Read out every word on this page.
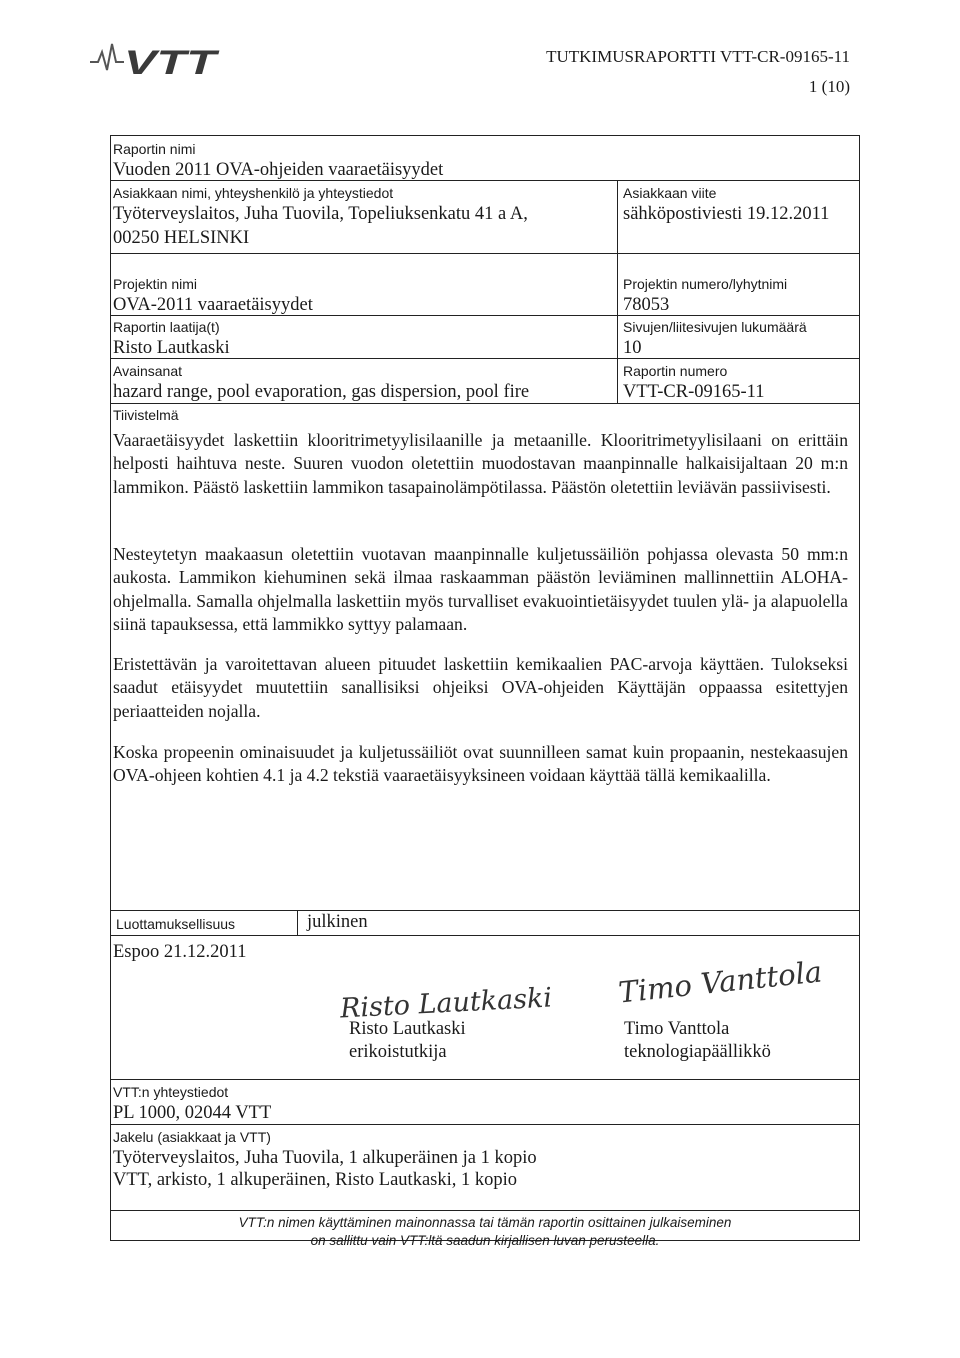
VTT	TUTKIMUSRAPORTTI VTT-CR-09165-11
1 (10)
Raportin nimi
Vuoden 2011 OVA-ohjeiden vaaraetäisyydet
Asiakkaan nimi, yhteyshenkilö ja yhteystiedot
Työterveyslaitos, Juha Tuovila, Topeliuksenkatu 41 a A,
00250 HELSINKI
Asiakkaan viite
sähköpostiviesti 19.12.2011
Projektin nimi
OVA-2011 vaaraetäisyydet
Projektin numero/lyhytnimi
78053
Raportin laatija(t)
Risto Lautkaski
Sivujen/liitesivujen lukumäärä
10
Avainsanat
hazard range, pool evaporation, gas dispersion, pool fire
Raportin numero
VTT-CR-09165-11
Tiivistelmä
Vaaraetäisyydet laskettiin klooritrimetyylisilaanille ja metaanille. Klooritrimetyylisilaani on erittäin helposti haihtuva neste. Suuren vuodon oletettiin muodostavan maanpinnalle halkaisijaltaan 20 m:n lammikon. Päästö laskettiin lammikon tasapainolämpötilassa. Päästön oletettiin leviävän passiivisesti.
Nesteytetyn maakaasun oletettiin vuotavan maanpinnalle kuljetussäiliön pohjassa olevasta 50 mm:n aukosta. Lammikon kiehuminen sekä ilmaa raskaamman päästön leviäminen mallinnettiin ALOHA-ohjelmalla. Samalla ohjelmalla laskettiin myös turvalliset evakuointietäisyydet tuulen ylä- ja alapuolella siinä tapauksessa, että lammikko syttyy palamaan.
Eristettävän ja varoitettavan alueen pituudet laskettiin kemikaalien PAC-arvoja käyttäen. Tulokseksi saadut etäisyydet muutettiin sanallisiksi ohjeiksi OVA-ohjeiden Käyttäjän oppaassa esitettyjen periaatteiden nojalla.
Koska propeenin ominaisuudet ja kuljetussäiliöt ovat suunnilleen samat kuin propaanin, nestekaasujen OVA-ohjeen kohtien 4.1 ja 4.2 tekstiä vaaraetäisyyksineen voidaan käyttää tällä kemikaalilla.
Luottamuksellisuus	julkinen
Espoo 21.12.2011
Risto Lautkaski
Risto Lautkaski
erikoistutkija
Timo Vanttola
Timo Vanttola
teknologiapäällikkö
VTT:n yhteystiedot
PL 1000, 02044 VTT
Jakelu (asiakkaat ja VTT)
Työterveyslaitos, Juha Tuovila, 1 alkuperäinen ja 1 kopio
VTT, arkisto, 1 alkuperäinen, Risto Lautkaski, 1 kopio
VTT:n nimen käyttäminen mainonnassa tai tämän raportin osittainen julkaiseminen
on sallittu vain VTT:ltä saadun kirjallisen luvan perusteella.
